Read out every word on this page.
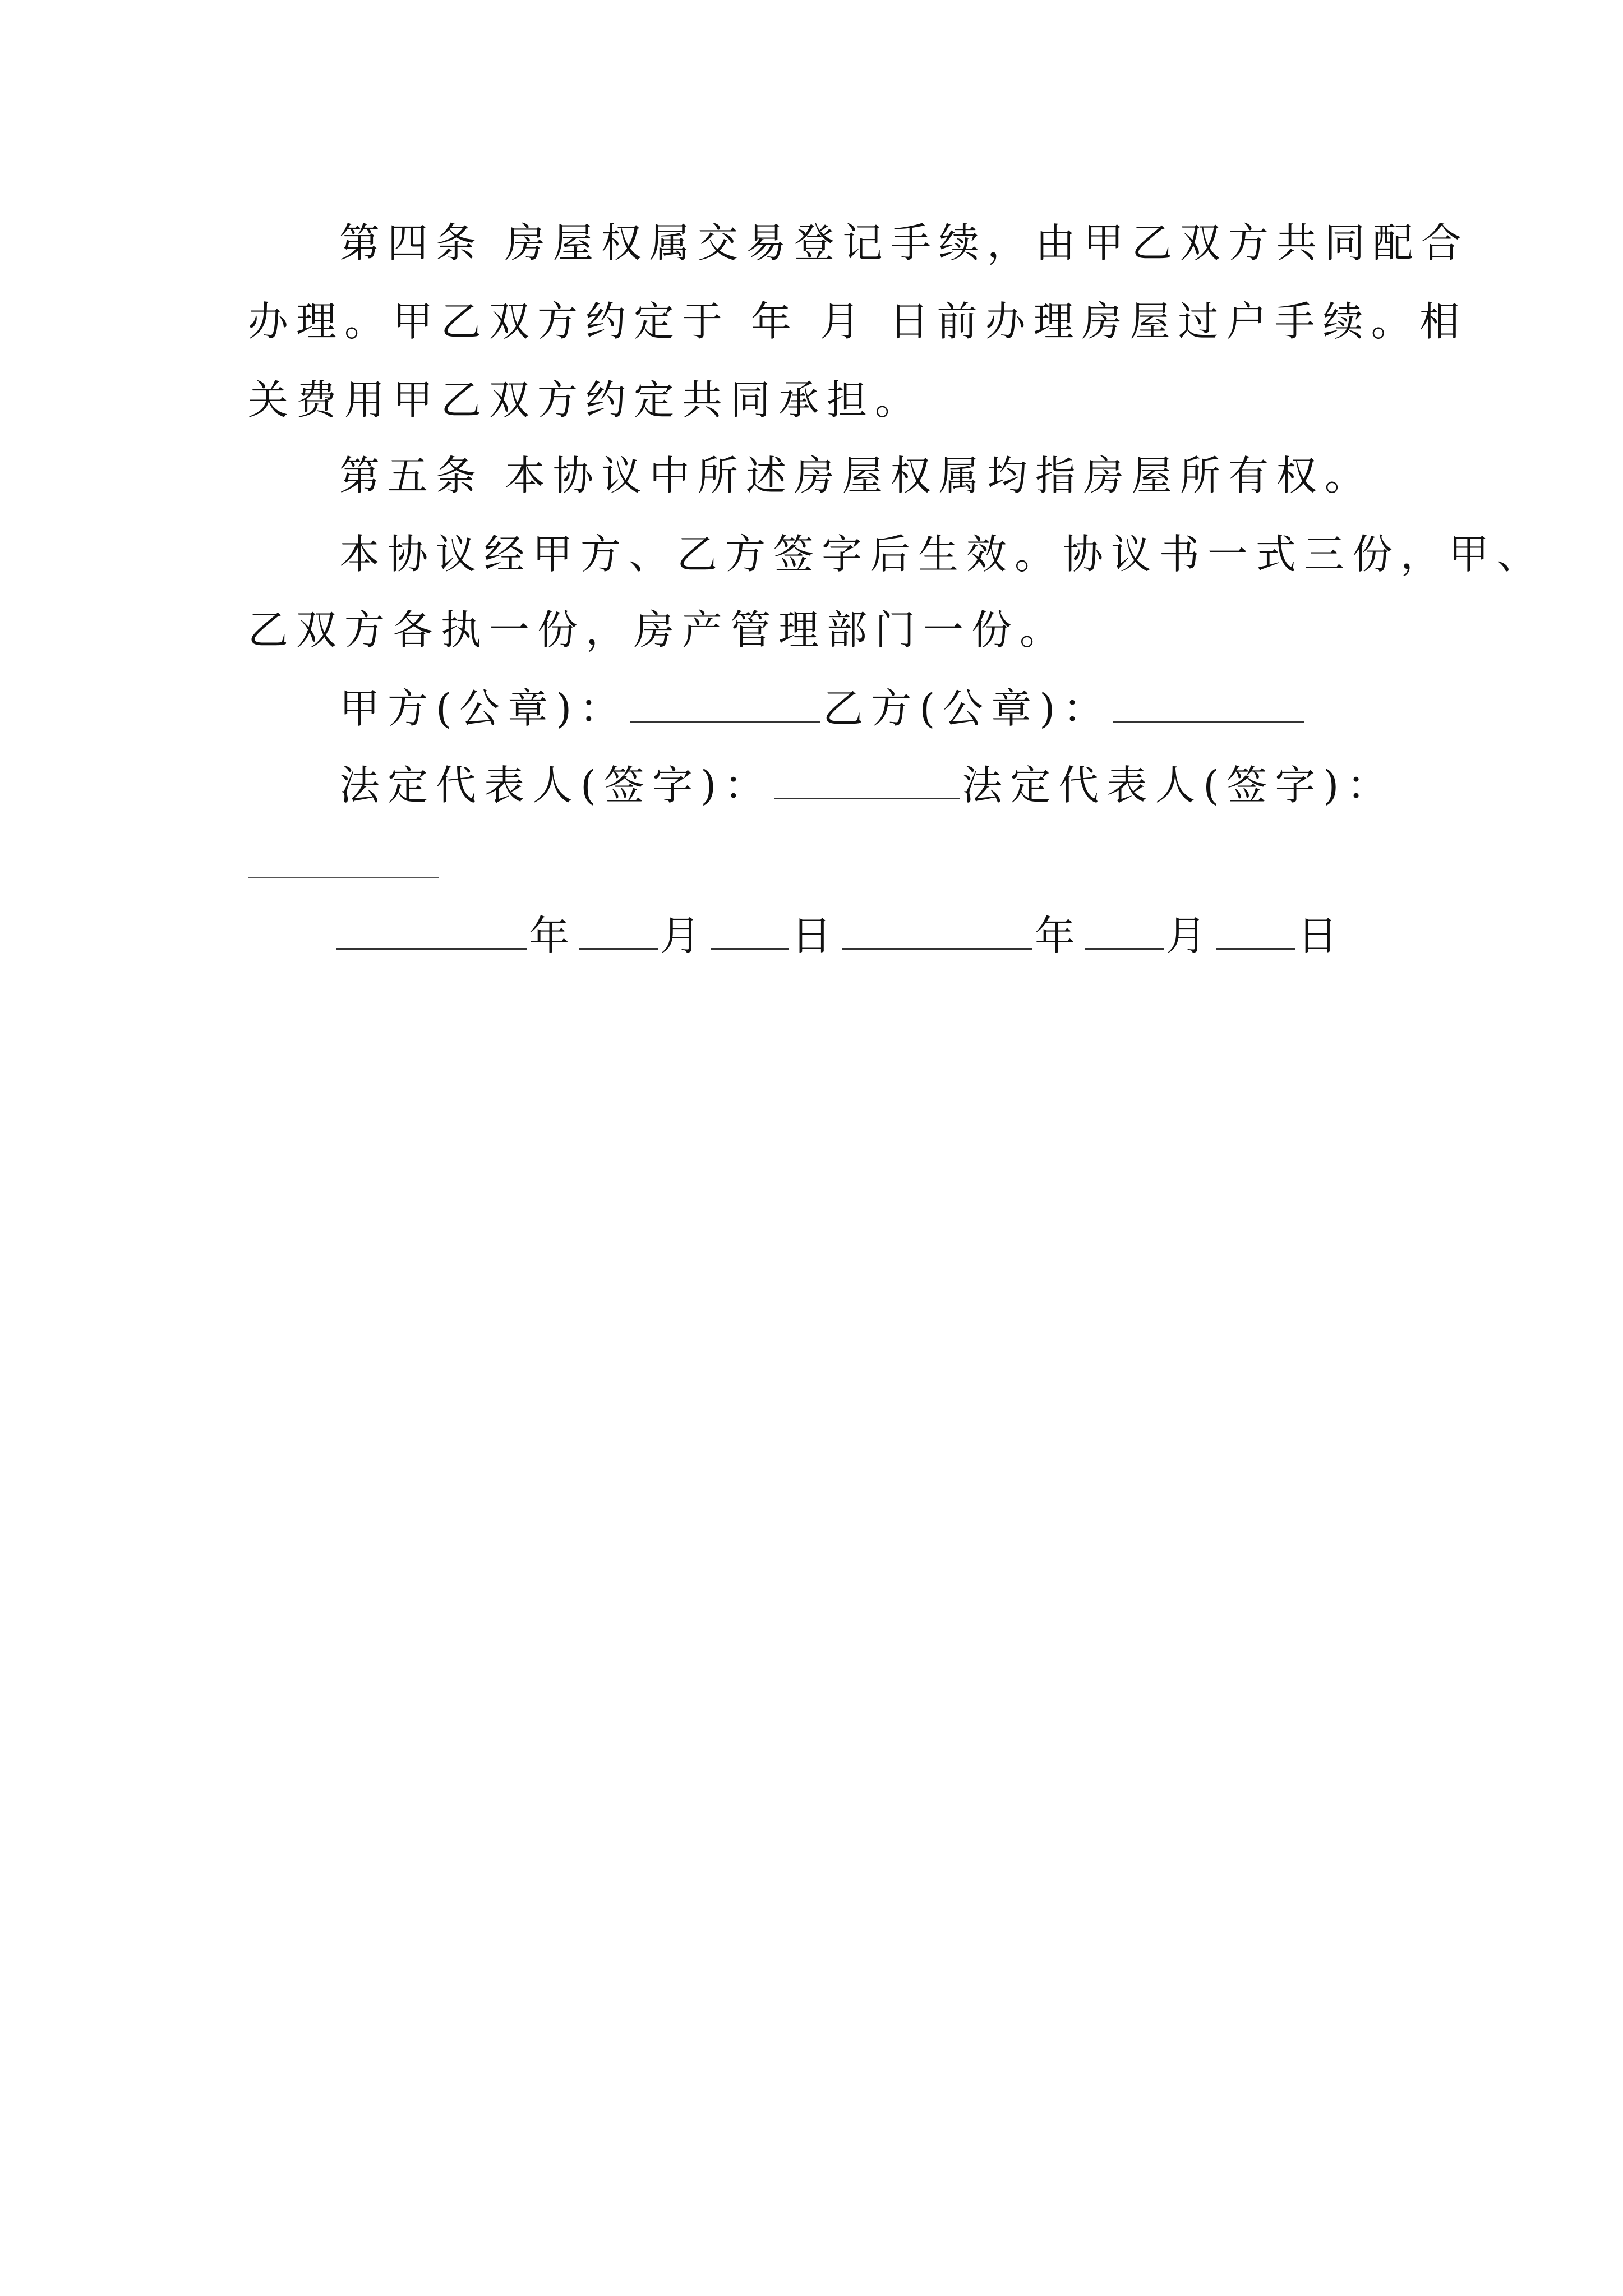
第四条 房屋权属交易登记手续，由甲乙双方共同配合
办理。甲乙双方约定于 年 月 日前办理房屋过户手续。相
关费用甲乙双方约定共同承担。
第五条 本协议中所述房屋权属均指房屋所有权。
本协议经甲方、乙方签字后生效。协议书一式三份，甲、
乙双方各执一份，房产管理部门一份。
甲方(公章)：	乙方(公章)：
法定代表人(签字)：	法定代表人(签字)：
年 月 日	年 月 日
